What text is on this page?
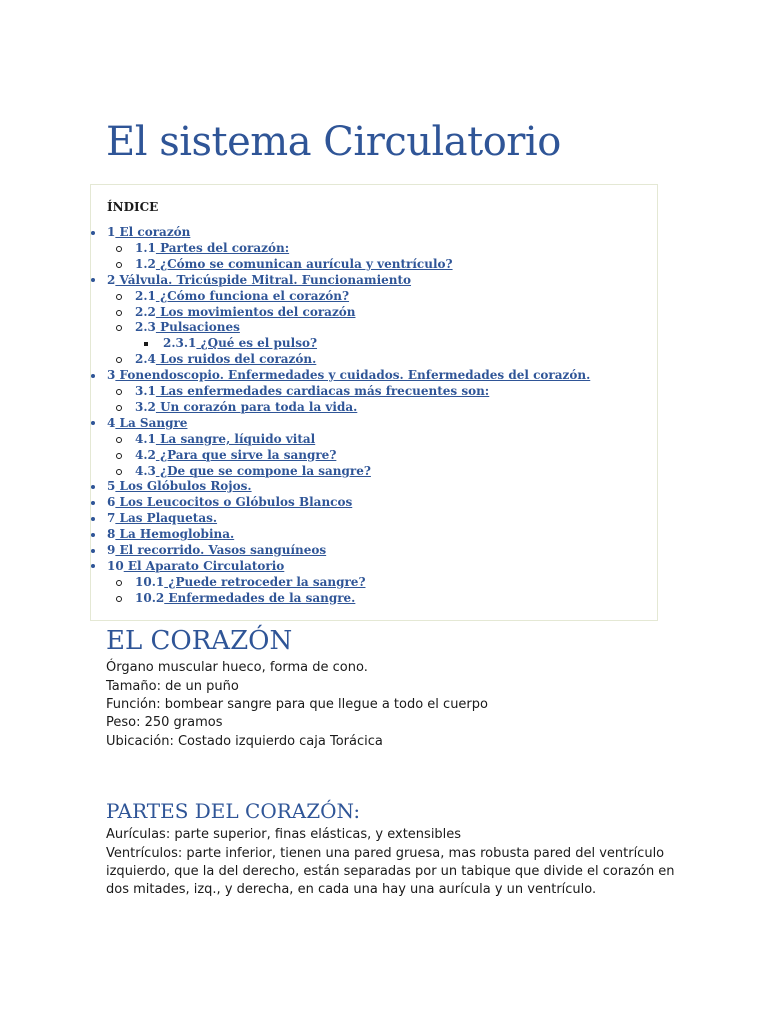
El sistema Circulatorio
ÍNDICE
1 El corazón
1.1 Partes del corazón:
1.2 ¿Cómo se comunican aurícula y ventrículo?
2 Válvula. Tricúspide Mitral. Funcionamiento
2.1 ¿Cómo funciona el corazón?
2.2 Los movimientos del corazón
2.3 Pulsaciones
2.3.1 ¿Qué es el pulso?
2.4 Los ruidos del corazón.
3 Fonendoscopio. Enfermedades y cuidados. Enfermedades del corazón.
3.1 Las enfermedades cardiacas más frecuentes son:
3.2 Un corazón para toda la vida.
4 La Sangre
4.1 La sangre, líquido vital
4.2 ¿Para que sirve la sangre?
4.3 ¿De que se compone la sangre?
5 Los Glóbulos Rojos.
6 Los Leucocitos o Glóbulos Blancos
7 Las Plaquetas.
8 La Hemoglobina.
9 El recorrido. Vasos sanguíneos
10 El Aparato Circulatorio
10.1 ¿Puede retroceder la sangre?
10.2 Enfermedades de la sangre.
EL CORAZÓN
Órgano muscular hueco, forma de cono.
Tamaño: de un puño
Función: bombear sangre para que llegue a todo el cuerpo
Peso: 250 gramos
Ubicación: Costado izquierdo caja Torácica
PARTES DEL CORAZÓN:
Aurículas: parte superior, finas elásticas, y extensibles
Ventrículos: parte inferior, tienen una pared gruesa, mas robusta pared del ventrículo
izquierdo, que la del derecho, están separadas por un tabique que divide el corazón en
dos mitades, izq., y derecha, en cada una hay una aurícula y un ventrículo.
